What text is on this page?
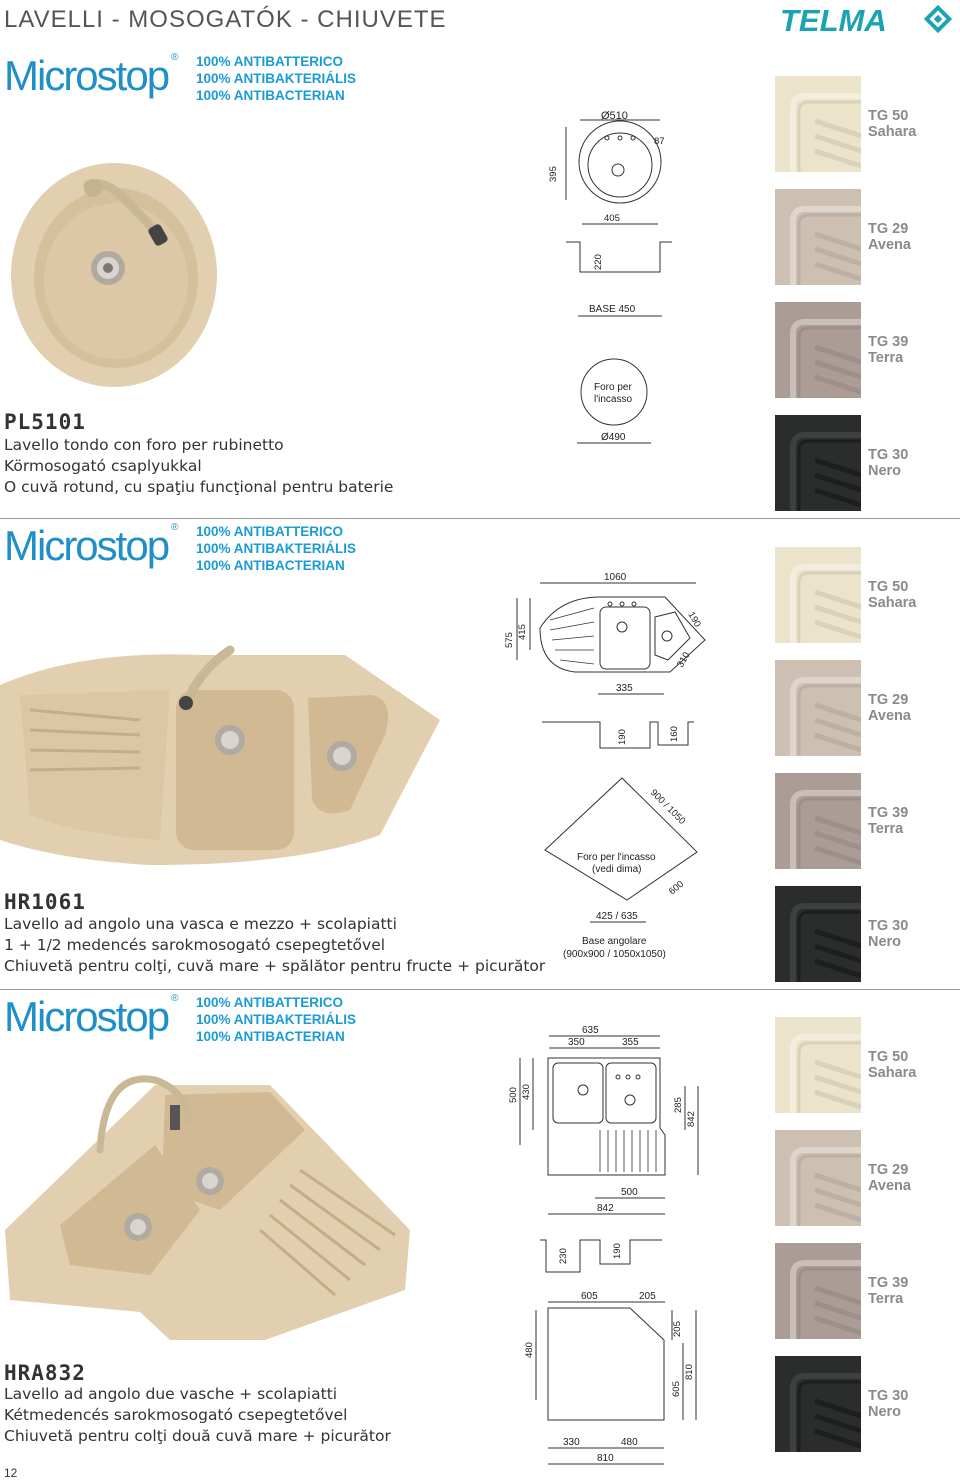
LAVELLI - MOSOGATÓK - CHIUVETE	TELMA
Microstop ® 100% ANTIBATTERICO
100% ANTIBAKTERIÁLIS
100% ANTIBACTERIAN
PL5101
Lavello tondo con foro per rubinetto
Körmosogató csaplyukkal
O cuvă rotund, cu spaţiu funcţional pentru baterie
Ø510
87
395
405
220
BASE 450
Foro per
l'incasso
Ø490
Microstop ® 100% ANTIBATTERICO
100% ANTIBAKTERIÁLIS
100% ANTIBACTERIAN
HR1061
Lavello ad angolo una vasca e mezzo + scolapiatti
1 + 1/2 medencés sarokmosogató csepegtetővel
Chiuvetă pentru colţi, cuvă mare + spălător pentru fructe + picurător
1060
190
575
415
310
335
190	160
900 / 1050
Foro per l'incasso
(vedi dima)
600
425 / 635
Base angolare
(900x900 / 1050x1050)
Microstop ® 100% ANTIBATTERICO
100% ANTIBAKTERIÁLIS
100% ANTIBACTERIAN
HRA832
Lavello ad angolo due vasche + scolapiatti
Kétmedencés sarokmosogató csepegtetővel
Chiuvetă pentru colţi două cuvă mare + picurător
635
350	355
500 430
285
842
500
842
230	190
605	205
205
480
605
810
330	480
810
TG 50
Sahara
TG 29
Avena
TG 39
Terra
TG 30
Nero
TG 50
Sahara
TG 29
Avena
TG 39
Terra
TG 30
Nero
TG 50
Sahara
TG 29
Avena
TG 39
Terra
TG 30
Nero
12
